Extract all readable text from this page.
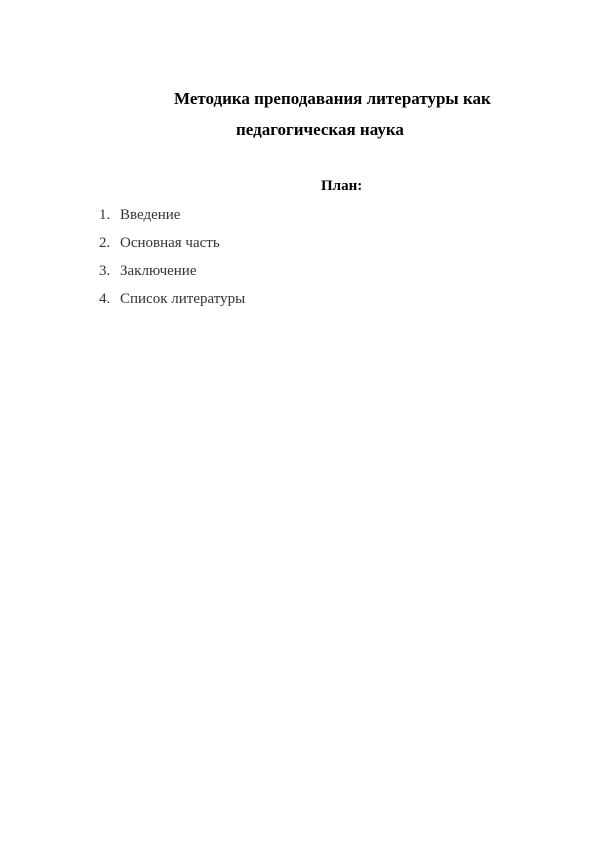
Методика преподавания литературы как
педагогическая наука
План:
1. Введение
2. Основная часть
3. Заключение
4. Список литературы
